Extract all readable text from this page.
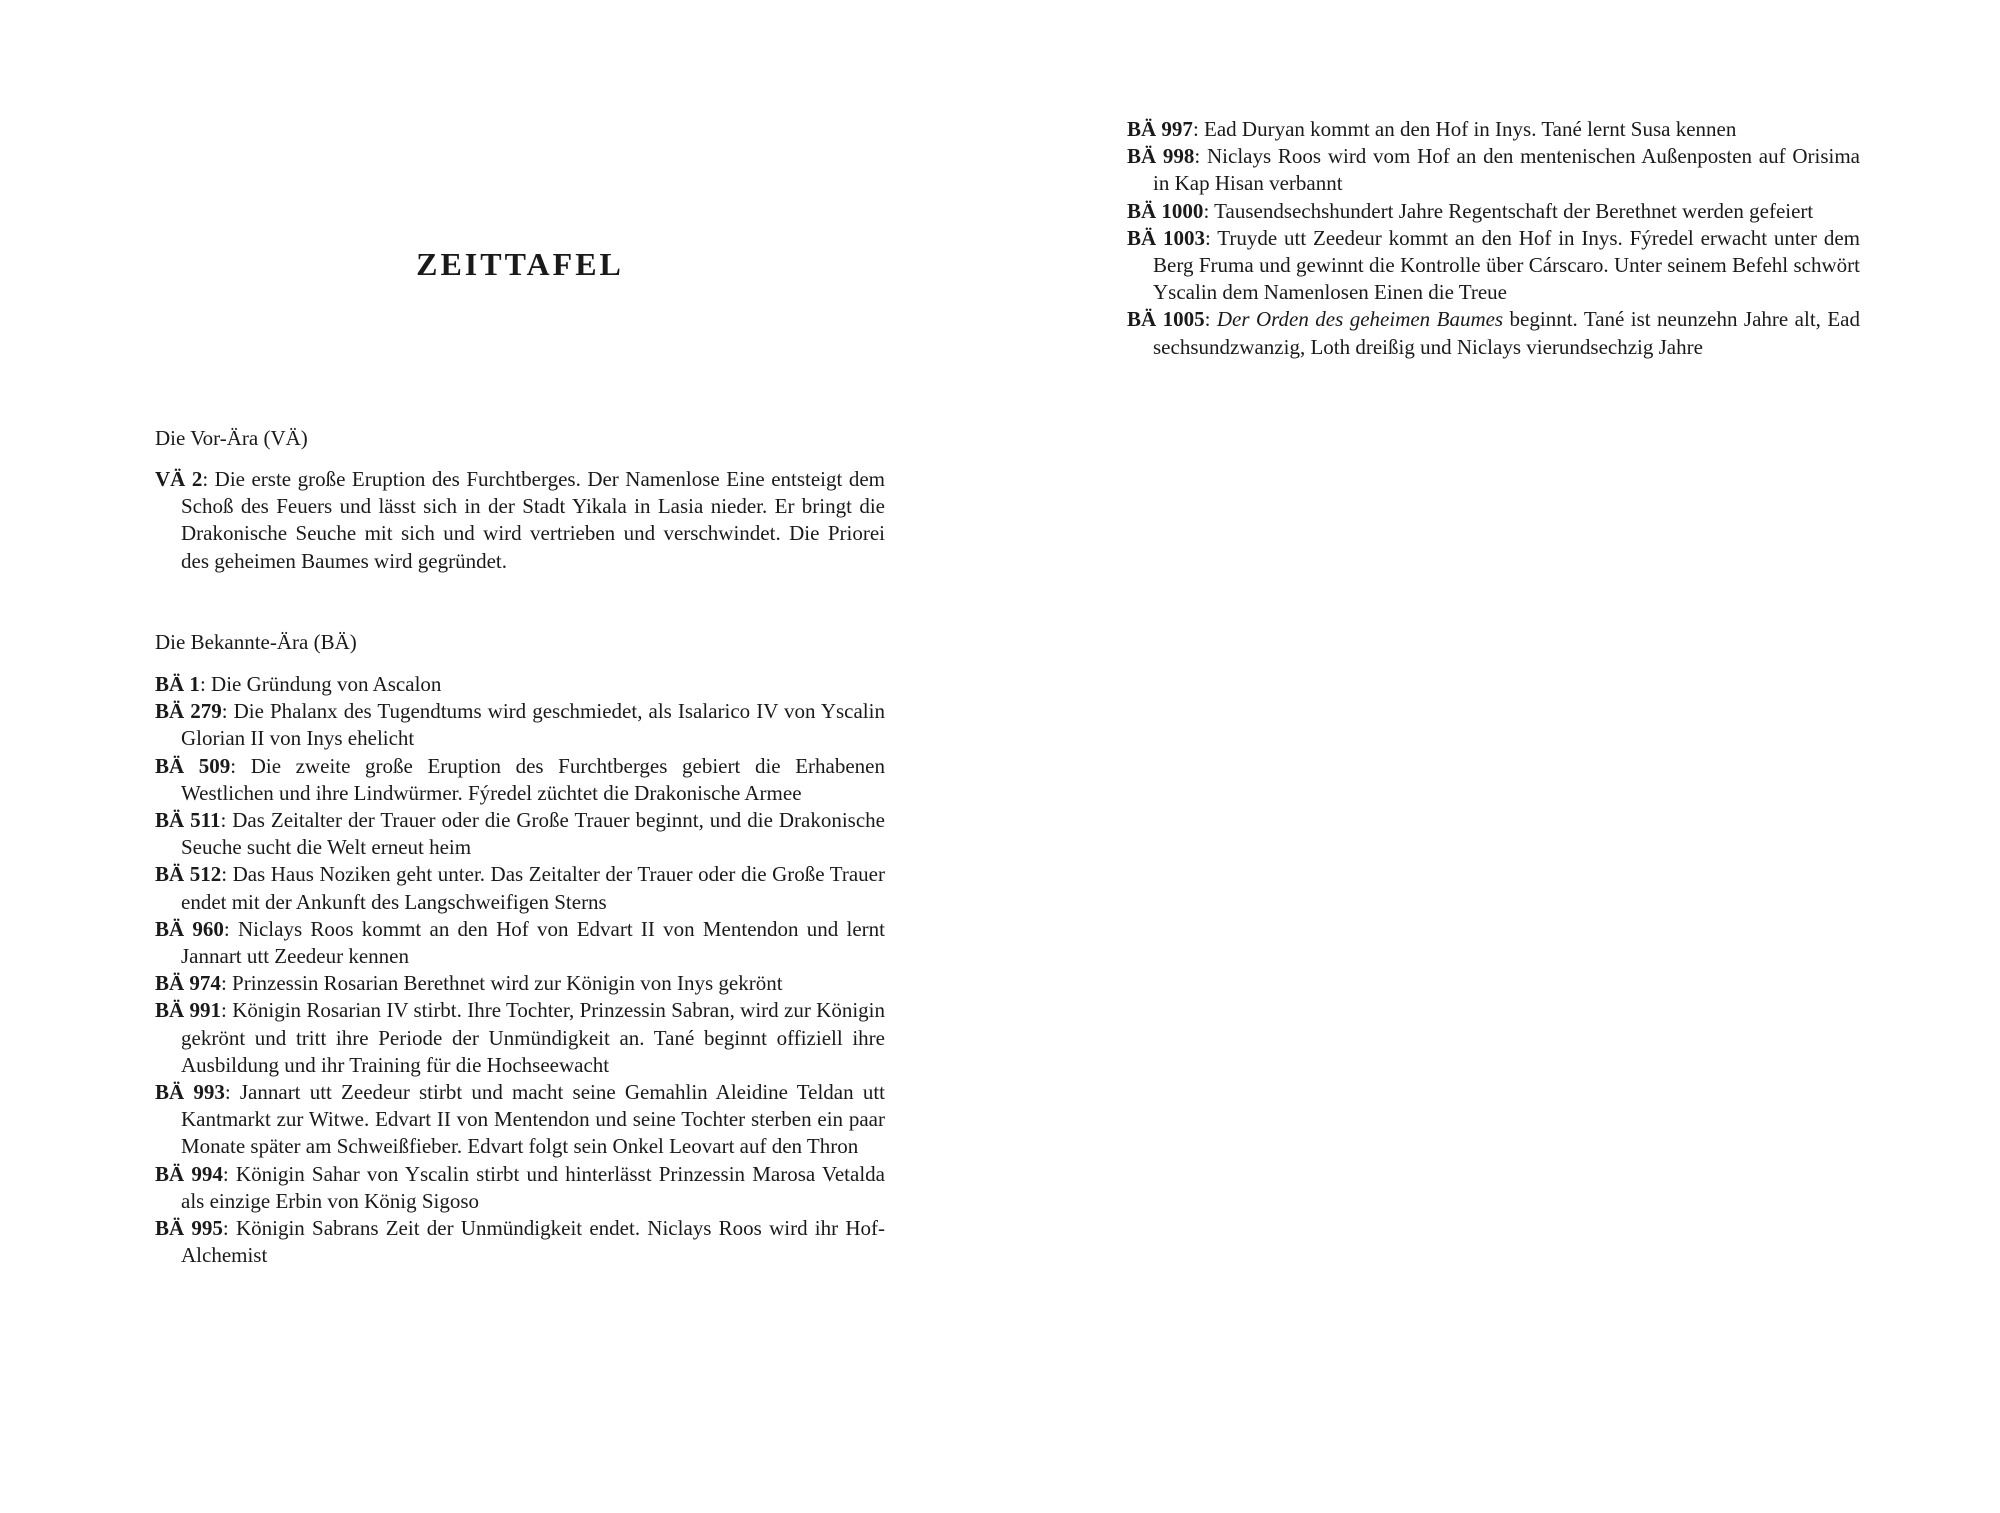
ZEITTAFEL

Die Vor-Ära (VÄ)

VÄ 2: Die erste große Eruption des Furchtberges. Der Namenlose Eine entsteigt dem Schoß des Feuers und lässt sich in der Stadt Yikala in Lasia nieder. Er bringt die Drakonische Seuche mit sich und wird vertrieben und verschwindet. Die Priorei des geheimen Baumes wird gegründet.

Die Bekannte-Ära (BÄ)

BÄ 1: Die Gründung von Ascalon
BÄ 279: Die Phalanx des Tugendtums wird geschmiedet, als Isalarico IV von Yscalin Glorian II von Inys ehelicht
BÄ 509: Die zweite große Eruption des Furchtberges gebiert die Erhabenen Westlichen und ihre Lindwürmer. Fýredel züchtet die Drakonische Armee
BÄ 511: Das Zeitalter der Trauer oder die Große Trauer beginnt, und die Drakonische Seuche sucht die Welt erneut heim
BÄ 512: Das Haus Noziken geht unter. Das Zeitalter der Trauer oder die Große Trauer endet mit der Ankunft des Langschweifigen Sterns
BÄ 960: Niclays Roos kommt an den Hof von Edvart II von Mentendon und lernt Jannart utt Zeedeur kennen
BÄ 974: Prinzessin Rosarian Berethnet wird zur Königin von Inys gekrönt
BÄ 991: Königin Rosarian IV stirbt. Ihre Tochter, Prinzessin Sabran, wird zur Königin gekrönt und tritt ihre Periode der Unmündigkeit an. Tané beginnt offiziell ihre Ausbildung und ihr Training für die Hochseewacht
BÄ 993: Jannart utt Zeedeur stirbt und macht seine Gemahlin Aleidine Teldan utt Kantmarkt zur Witwe. Edvart II von Mentendon und seine Tochter sterben ein paar Monate später am Schweißfieber. Edvart folgt sein Onkel Leovart auf den Thron
BÄ 994: Königin Sahar von Yscalin stirbt und hinterlässt Prinzessin Marosa Vetalda als einzige Erbin von König Sigoso
BÄ 995: Königin Sabrans Zeit der Unmündigkeit endet. Niclays Roos wird ihr Hof-Alchemist
BÄ 997: Ead Duryan kommt an den Hof in Inys. Tané lernt Susa kennen
BÄ 998: Niclays Roos wird vom Hof an den mentenischen Außenposten auf Orisima in Kap Hisan verbannt
BÄ 1000: Tausendsechshundert Jahre Regentschaft der Berethnet werden gefeiert
BÄ 1003: Truyde utt Zeedeur kommt an den Hof in Inys. Fýredel erwacht unter dem Berg Fruma und gewinnt die Kontrolle über Cárscaro. Unter seinem Befehl schwört Yscalin dem Namenlosen Einen die Treue
BÄ 1005: Der Orden des geheimen Baumes beginnt. Tané ist neunzehn Jahre alt, Ead sechsundzwanzig, Loth dreißig und Niclays vierundsechzig Jahre
